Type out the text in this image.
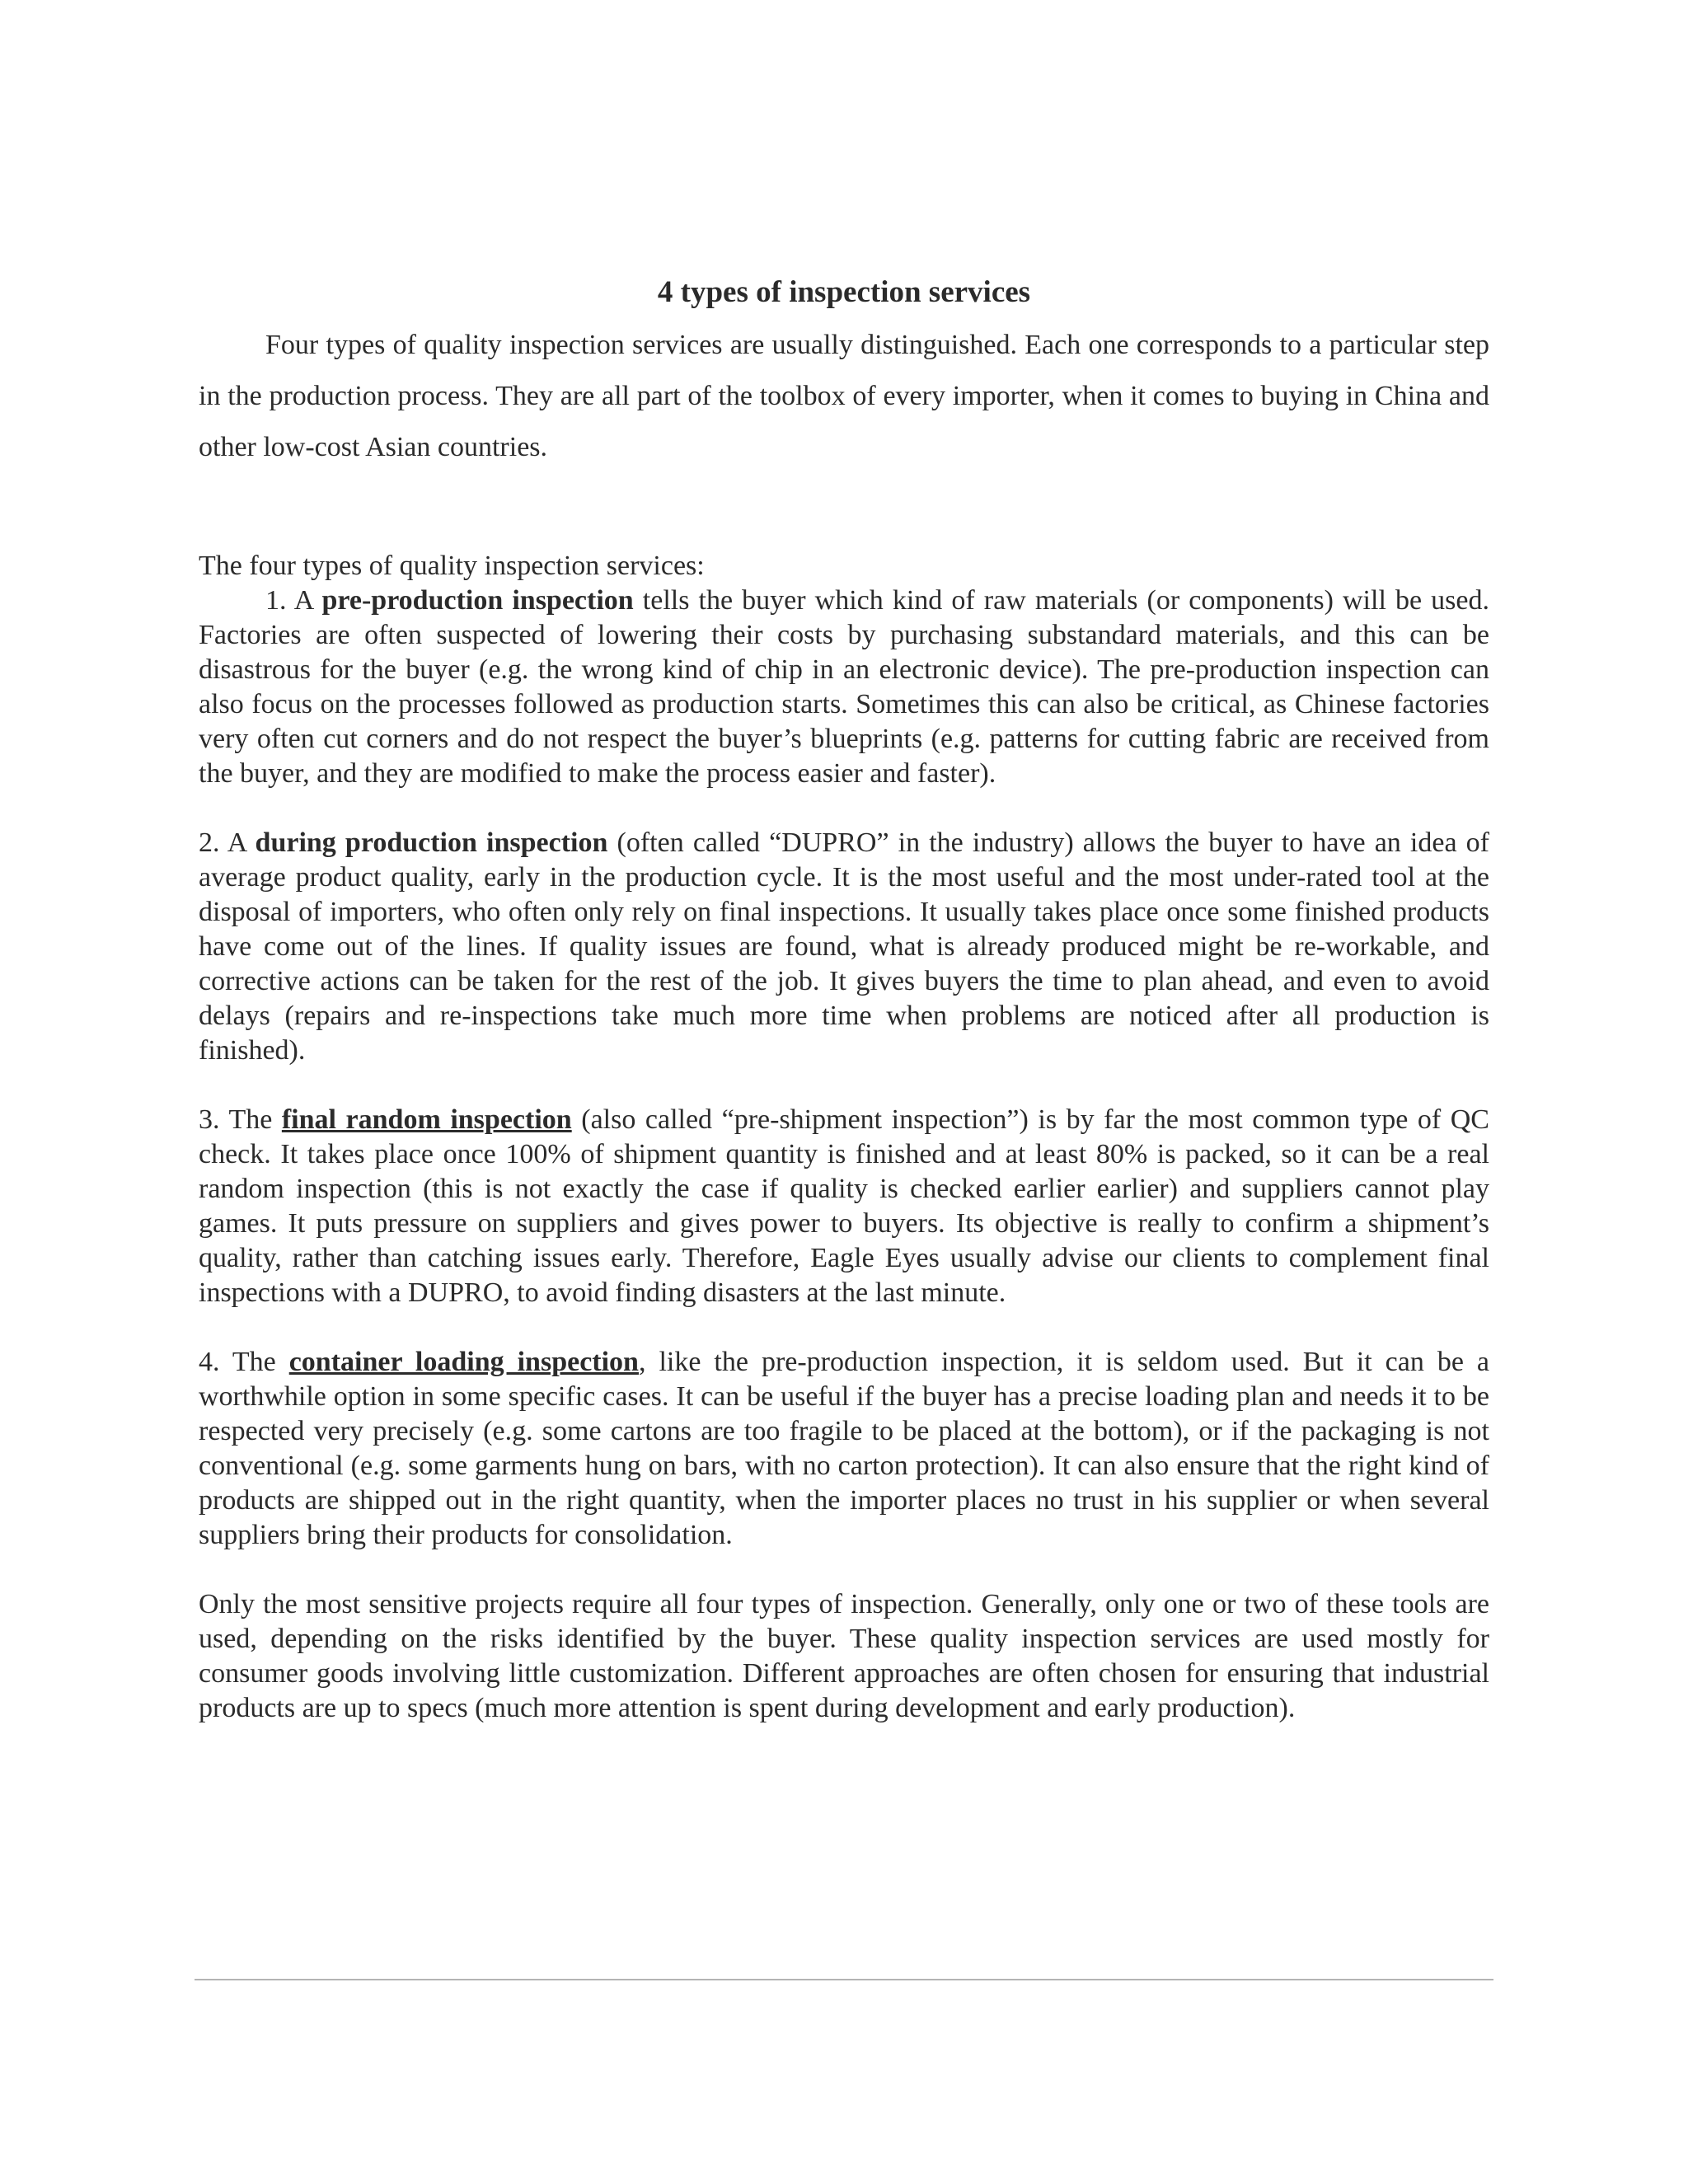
4 types of inspection services

Four types of quality inspection services are usually distinguished. Each one corresponds to a particular step in the production process. They are all part of the toolbox of every importer, when it comes to buying in China and other low-cost Asian countries.

The four types of quality inspection services:

1. A pre-production inspection tells the buyer which kind of raw materials (or components) will be used. Factories are often suspected of lowering their costs by purchasing substandard materials, and this can be disastrous for the buyer (e.g. the wrong kind of chip in an electronic device). The pre-production inspection can also focus on the processes followed as production starts. Sometimes this can also be critical, as Chinese factories very often cut corners and do not respect the buyer’s blueprints (e.g. patterns for cutting fabric are received from the buyer, and they are modified to make the process easier and faster).

2. A during production inspection (often called “DUPRO” in the industry) allows the buyer to have an idea of average product quality, early in the production cycle. It is the most useful and the most under-rated tool at the disposal of importers, who often only rely on final inspections. It usually takes place once some finished products have come out of the lines. If quality issues are found, what is already produced might be re-workable, and corrective actions can be taken for the rest of the job. It gives buyers the time to plan ahead, and even to avoid delays (repairs and re-inspections take much more time when problems are noticed after all production is finished).

3. The final random inspection (also called “pre-shipment inspection”) is by far the most common type of QC check. It takes place once 100% of shipment quantity is finished and at least 80% is packed, so it can be a real random inspection (this is not exactly the case if quality is checked earlier earlier) and suppliers cannot play games. It puts pressure on suppliers and gives power to buyers. Its objective is really to confirm a shipment’s quality, rather than catching issues early. Therefore, Eagle Eyes usually advise our clients to complement final inspections with a DUPRO, to avoid finding disasters at the last minute.

4. The container loading inspection, like the pre-production inspection, it is seldom used. But it can be a worthwhile option in some specific cases. It can be useful if the buyer has a precise loading plan and needs it to be respected very precisely (e.g. some cartons are too fragile to be placed at the bottom), or if the packaging is not conventional (e.g. some garments hung on bars, with no carton protection). It can also ensure that the right kind of products are shipped out in the right quantity, when the importer places no trust in his supplier or when several suppliers bring their products for consolidation.

Only the most sensitive projects require all four types of inspection. Generally, only one or two of these tools are used, depending on the risks identified by the buyer. These quality inspection services are used mostly for consumer goods involving little customization. Different approaches are often chosen for ensuring that industrial products are up to specs (much more attention is spent during development and early production).
